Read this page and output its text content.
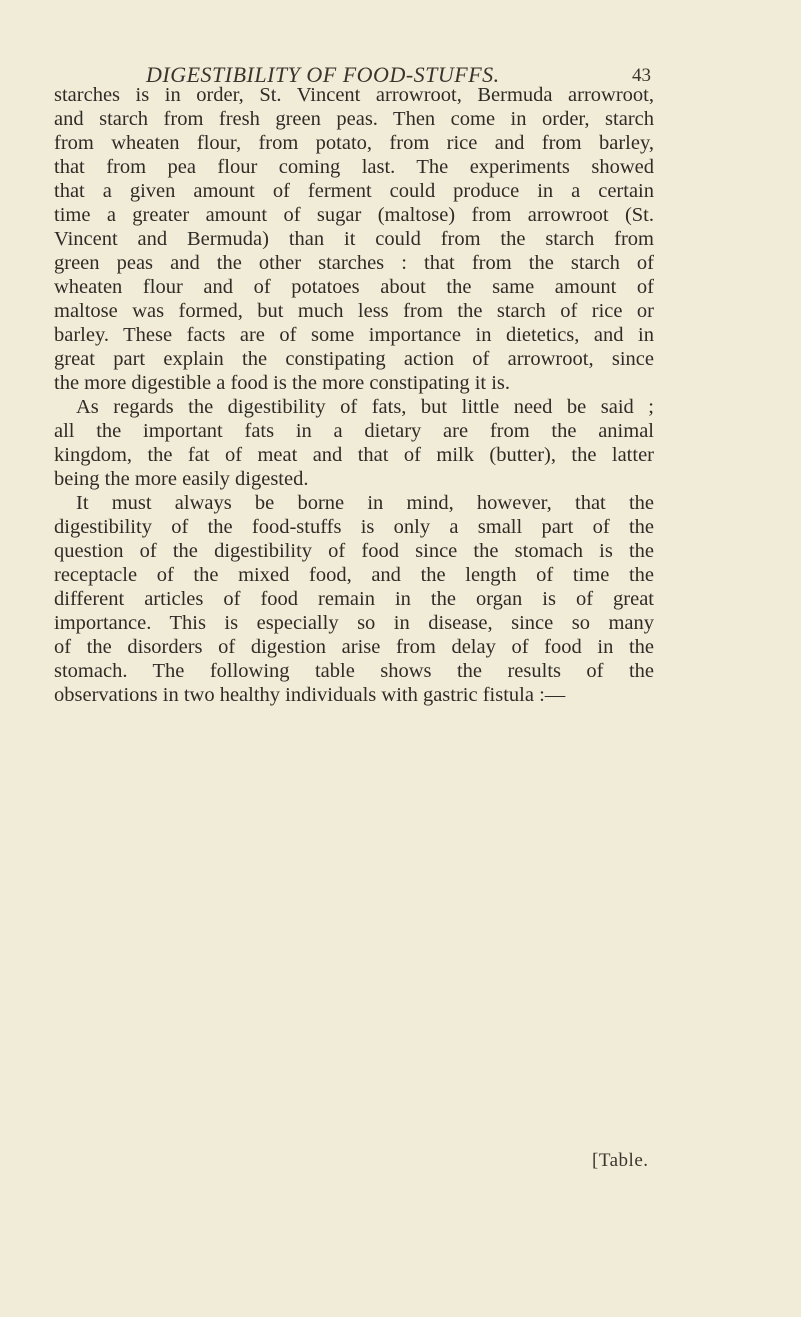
DIGESTIBILITY OF FOOD-STUFFS.	43
starches is in order, St. Vincent arrowroot, Bermuda arrowroot,
and starch from fresh green peas. Then come in order, starch
from wheaten flour, from potato, from rice and from barley,
that from pea flour coming last. The experiments showed
that a given amount of ferment could produce in a certain
time a greater amount of sugar (maltose) from arrowroot (St.
Vincent and Bermuda) than it could from the starch from
green peas and the other starches : that from the starch of
wheaten flour and of potatoes about the same amount of
maltose was formed, but much less from the starch of rice or
barley. These facts are of some importance in dietetics, and in
great part explain the constipating action of arrowroot, since
the more digestible a food is the more constipating it is.
As regards the digestibility of fats, but little need be said ;
all the important fats in a dietary are from the animal
kingdom, the fat of meat and that of milk (butter), the latter
being the more easily digested.
It must always be borne in mind, however, that the
digestibility of the food-stuffs is only a small part of the
question of the digestibility of food since the stomach is the
receptacle of the mixed food, and the length of time the
different articles of food remain in the organ is of great
importance. This is especially so in disease, since so many
of the disorders of digestion arise from delay of food in the
stomach. The following table shows the results of the
observations in two healthy individuals with gastric fistula :—
[Table.
